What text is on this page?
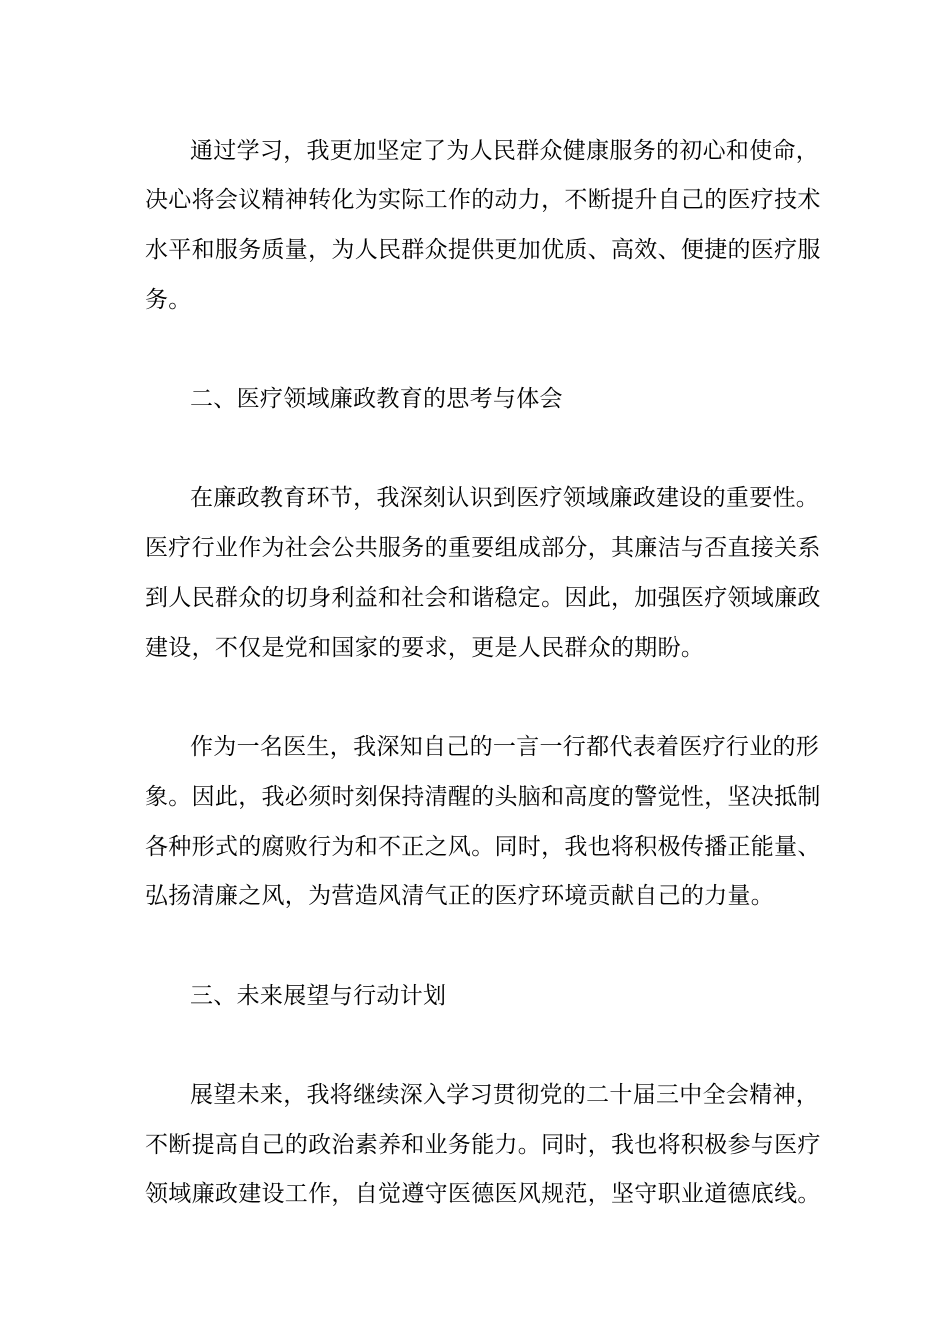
通过学习，我更加坚定了为人民群众健康服务的初心和使命，
决心将会议精神转化为实际工作的动力，不断提升自己的医疗技术
水平和服务质量，为人民群众提供更加优质、高效、便捷的医疗服
务。
二、医疗领域廉政教育的思考与体会
在廉政教育环节，我深刻认识到医疗领域廉政建设的重要性。
医疗行业作为社会公共服务的重要组成部分，其廉洁与否直接关系
到人民群众的切身利益和社会和谐稳定。因此，加强医疗领域廉政
建设，不仅是党和国家的要求，更是人民群众的期盼。
作为一名医生，我深知自己的一言一行都代表着医疗行业的形
象。因此，我必须时刻保持清醒的头脑和高度的警觉性，坚决抵制
各种形式的腐败行为和不正之风。同时，我也将积极传播正能量、
弘扬清廉之风，为营造风清气正的医疗环境贡献自己的力量。
三、未来展望与行动计划
展望未来，我将继续深入学习贯彻党的二十届三中全会精神，
不断提高自己的政治素养和业务能力。同时，我也将积极参与医疗
领域廉政建设工作，自觉遵守医德医风规范，坚守职业道德底线。
